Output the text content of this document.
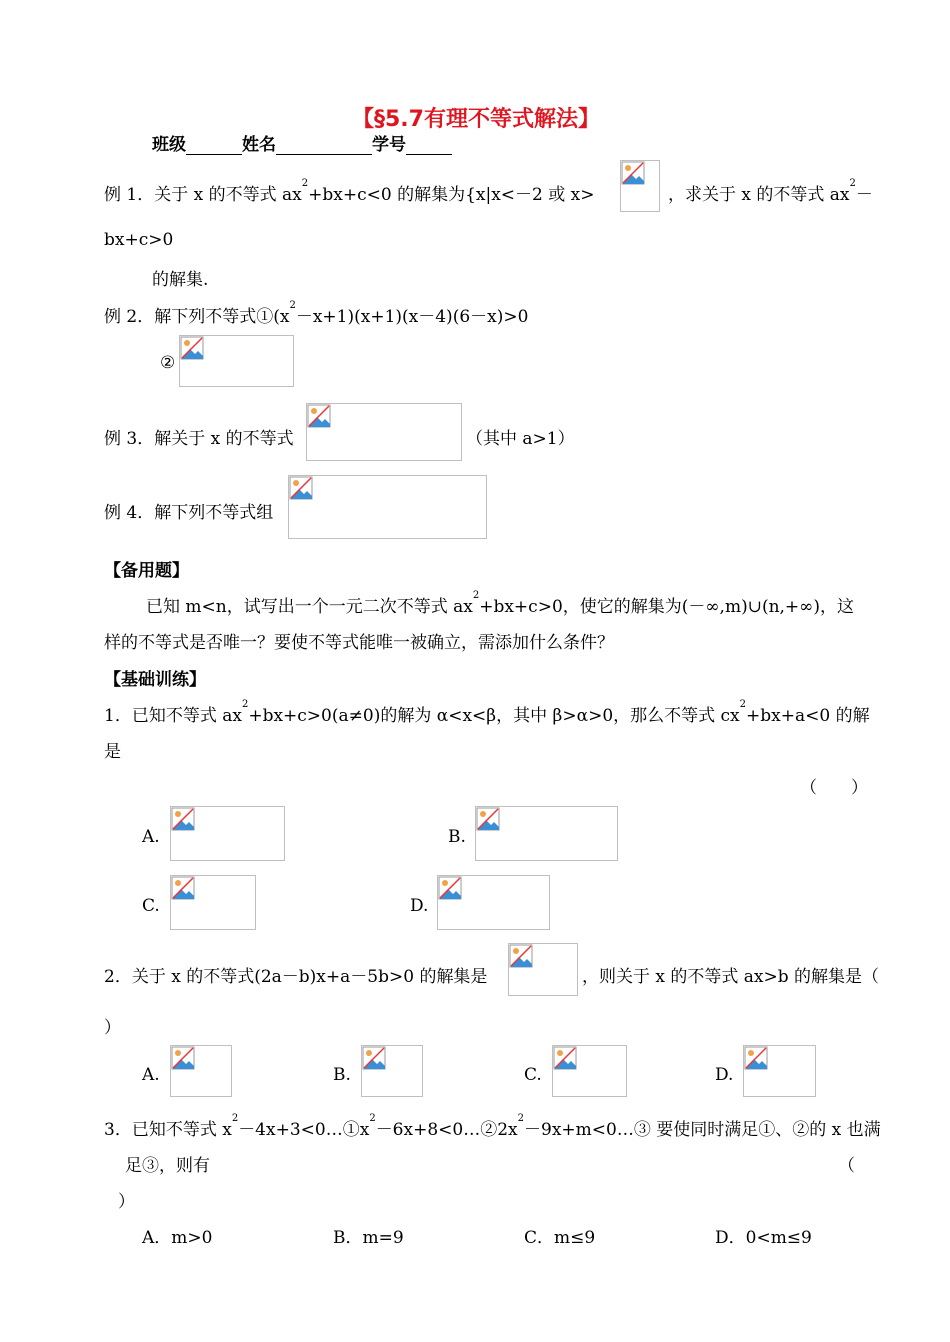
【§5.7有理不等式解法】
班级	姓名	学号
例 1．关于 x 的不等式 $ax^2+bx+c<0$ 的解集为{x|x<－2 或 x>	，求关于 x 的不等式 $ax^2-$
bx+c>0
的解集.
例 2．解下列不等式$①(x^2-x+1)(x+1)(x-4)(6-x)>0$
②
例 3．解关于 x 的不等式	（其中 a>1）
例 4．解下列不等式组
【备用题】
已知 m<n，试写出一个一元二次不等式 $ax^2+bx+c>0$，使它的解集为(－∞,m)∪(n,+∞)，这
样的不等式是否唯一？要使不等式能唯一被确立，需添加什么条件？
【基础训练】
1．已知不等式 $ax^2+bx+c>0(a\ne 0)$的解为 α<x<β，其中 β>α>0，那么不等式 $cx^2+bx+a<0$ 的解
是
（　　）
A.	B.
C.	D.
2．关于 x 的不等式(2a－b)x+a－5b>0 的解集是	，则关于 x 的不等式 ax>b 的解集是（
）
A.	B.	C.	D.
3．已知不等式 $x^2-4x+3<0\dots ①x^2-6x+8<0\dots ②2x^2-9x+m<0\dots ③$ 要使同时满足①、②的 x 也满
足③，则有	（
）
A．m>0	B．m=9	C．m≤9	D．0<m≤9
